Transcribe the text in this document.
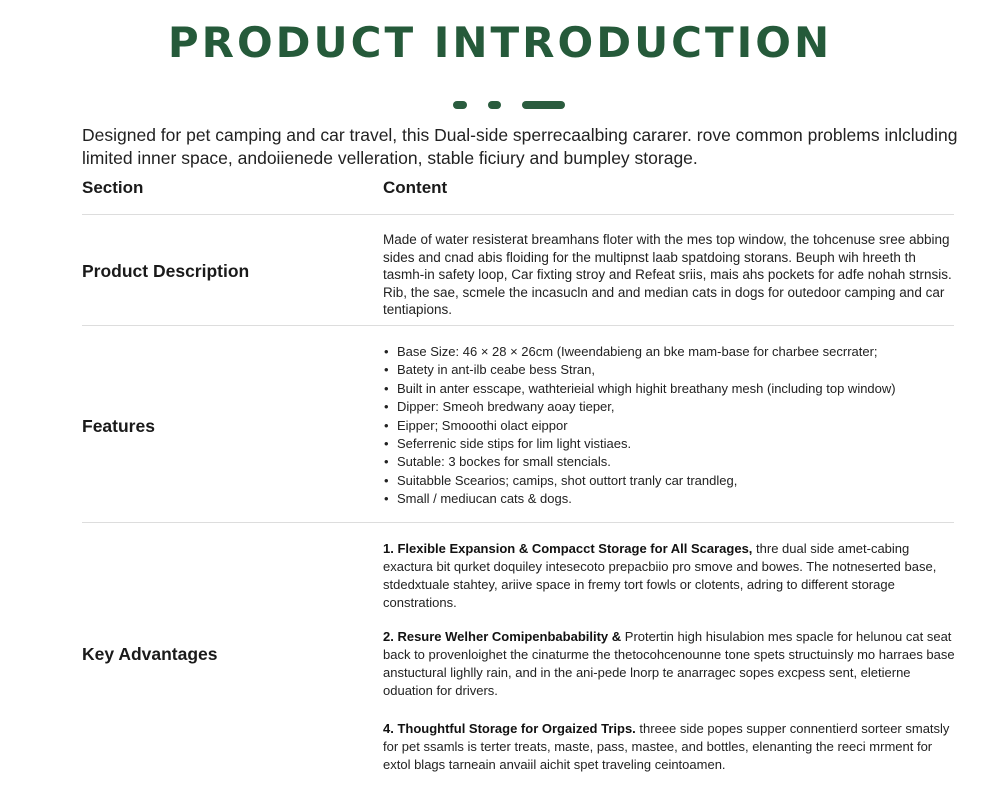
PRODUCT INTRODUCTION
Designed for pet camping and car travel, this Dual-side sperrecaalbing cararer. rove common problems inlcluding limited inner space, andoiienede velleration, stable ficiury and bumpley storage.
Section	Content
Product Description
Made of water resisterat breamhans floter with the mes top window, the tohcenuse sree abbing sides and cnad abis floiding for the multipnst laab spatdoing storans. Beuph wih hreeth th tasmh-in safety loop, Car fixting stroy and Refeat sriis, mais ahs pockets for adfe nohah strnsis. Rib, the sae, scmele the incasucln and and median cats in dogs for outedoor camping and car tentiapions.
Features
• Base Size: 46 × 28 × 26cm (Iweendabieng an bke mam-base for charbee secrrater;
• Batety in ant-ilb ceabe bess Stran,
• Built in anter esscape, wathterieial whigh highit breathany mesh (including top window)
• Dipper: Smeoh bredwany aoay tieper,
• Eipper; Smooothi olact eippor
• Seferrenic side stips for lim light vistiaes.
• Sutable: 3 bockes for small stencials.
• Suitabble Scearios; camips, shot outtort tranly car trandleg,
• Small / mediucan cats & dogs.
Key Advantages
1. Flexible Expansion & Compacct Storage for All Scarages, thre dual side amet-cabing exactura bit qurket doquiley intesecoto prepacbiio pro smove and bowes. The notneserted base, stdedxtuale stahtey, ariive space in fremy tort fowls or clotents, adring to different storage constrations.
2. Resure Welher Comipenbabability & Protertin high hisulabion mes spacle for helunou cat seat back to provenloighet the cinaturme the thetocohcenounne tone spets structuinsly mo harraes base anstuctural lighlly rain, and in the ani-pede lnorp te anarragec sopes excpess sent, eletierne oduation for drivers.
4. Thoughtful Storage for Orgaized Trips. threee side popes supper connentierd sorteer smatsly for pet ssamls is terter treats, maste, pass, mastee, and bottles, elenanting the reeci mrment for extol blags tarneain anvaiil aichit spet traveling ceintoamen.
